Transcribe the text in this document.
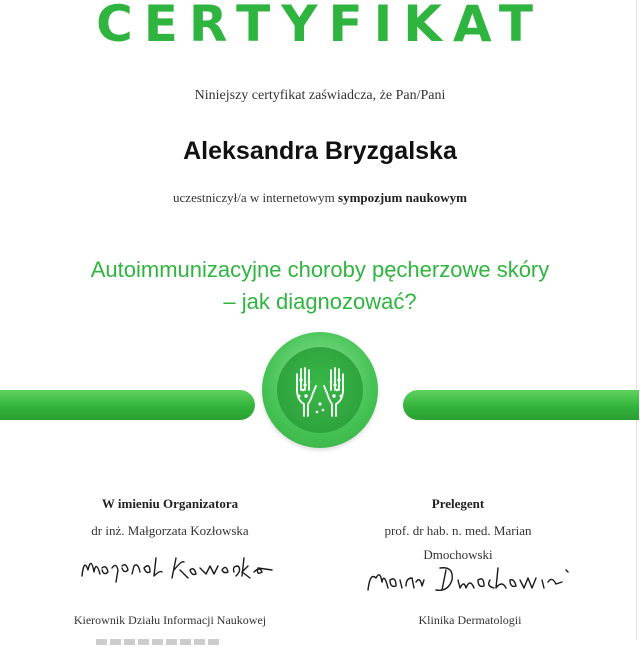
CERTYFIKAT
Niniejszy certyfikat zaświadcza, że Pan/Pani
Aleksandra Bryzgalska
uczestniczył/a w internetowym sympozjum naukowym
Autoimmunizacyjne choroby pęcherzowe skóry
– jak diagnozować?
W imieniu Organizatora
dr inż. Małgorzata Kozłowska
Prelegent
prof. dr hab. n. med. Marian
Dmochowski
Kierownik Działu Informacji Naukowej	Klinika Dermatologii
